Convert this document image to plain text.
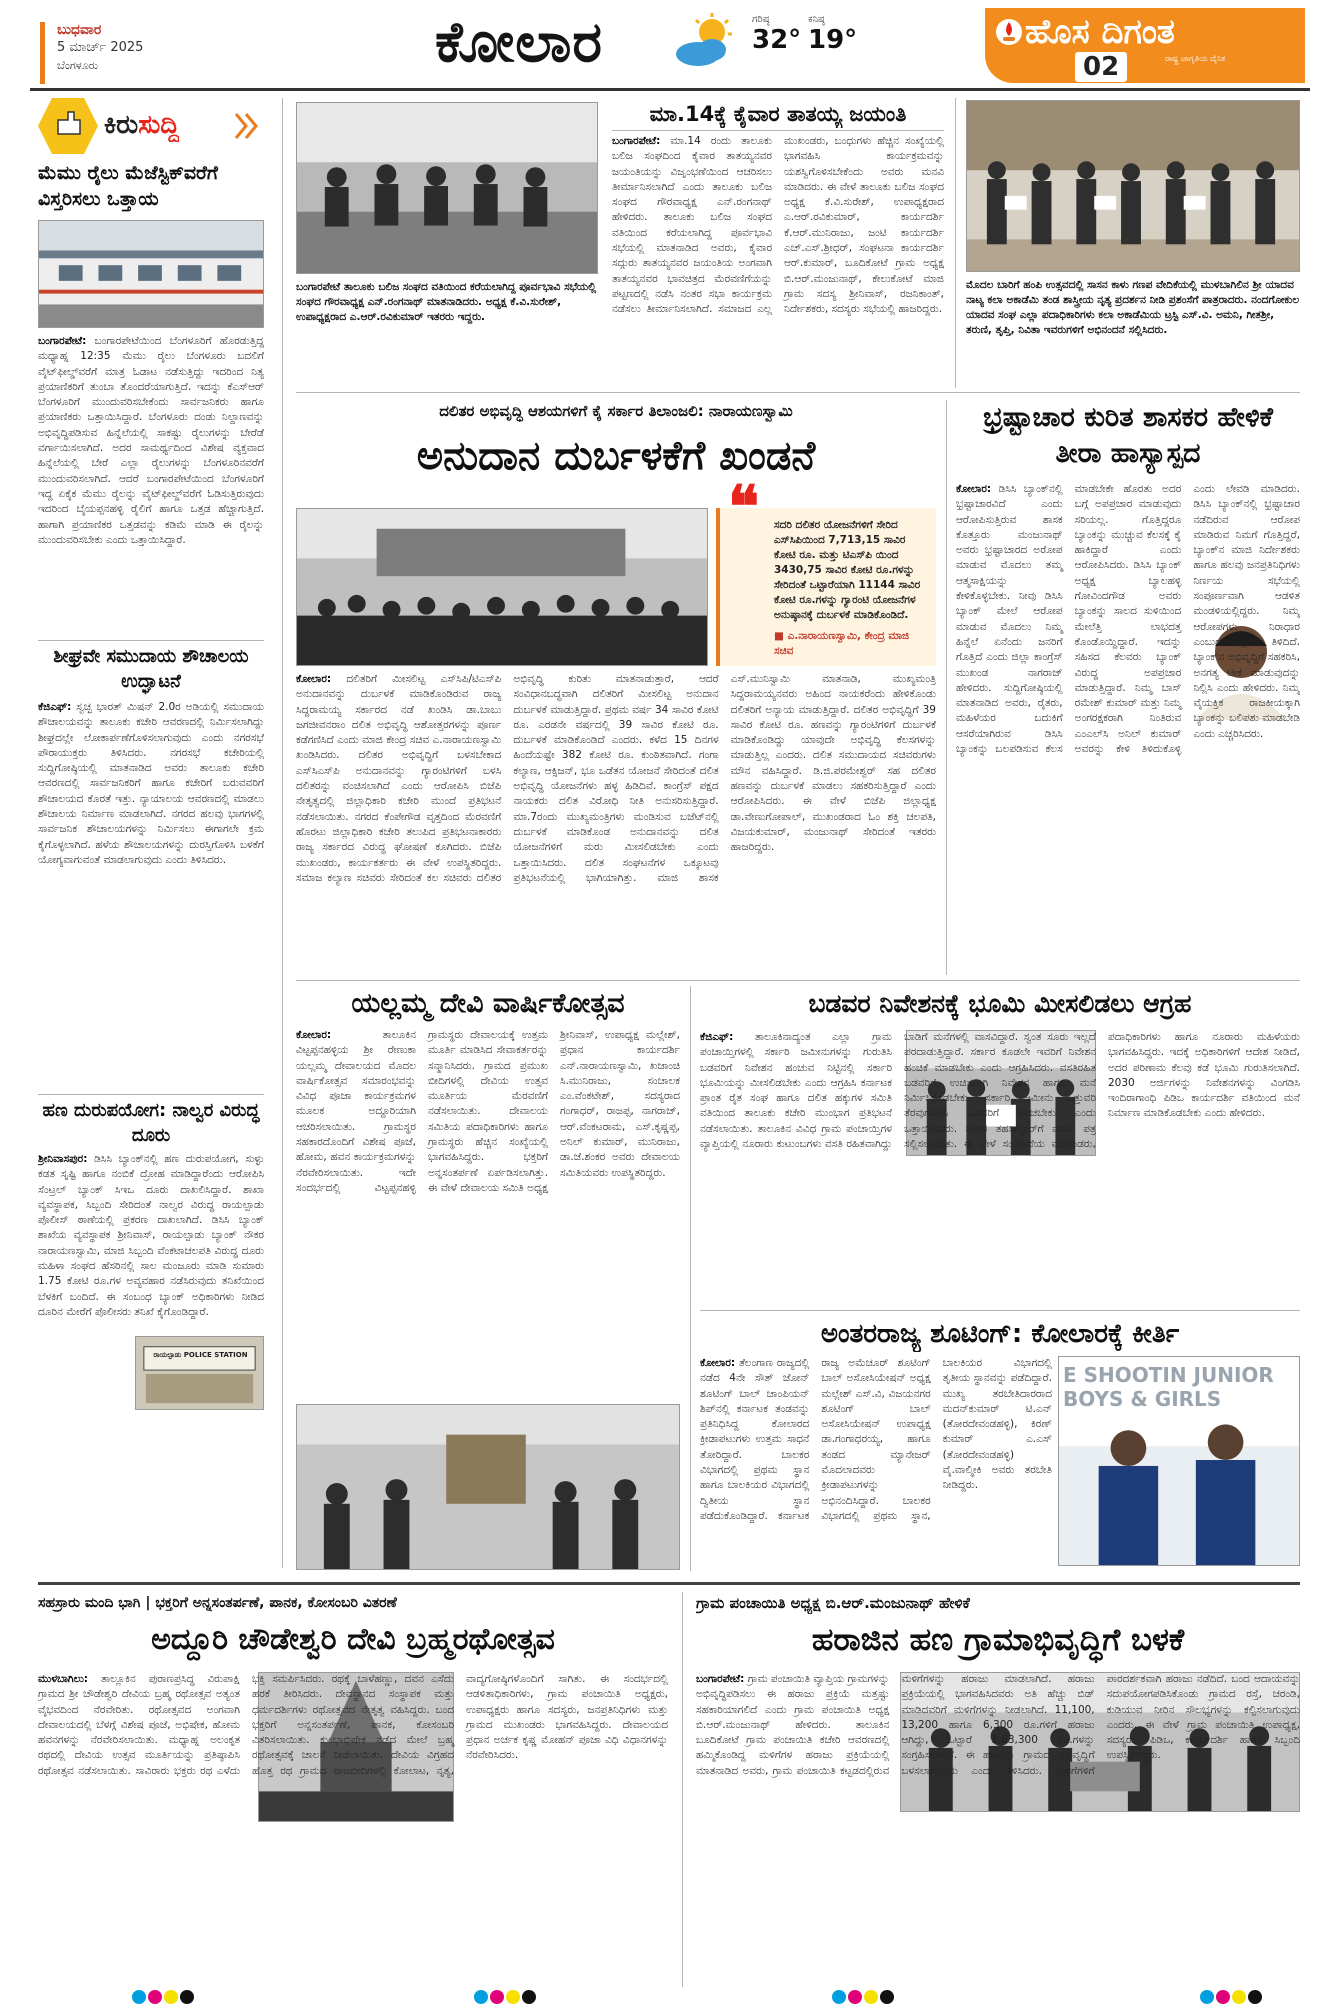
ಬುಧವಾರ
5 ಮಾರ್ಚ್ 2025
ಬೆಂಗಳೂರು	ಕೋಲಾರ	ಗರಿಷ್ಠ
32°
ಕನಿಷ್ಠ
19°	ಹೊಸ ದಿಗಂತ
02	ರಾಷ್ಟ್ರ ಜಾಗೃತಿಯ ದೈನಿಕ
ಕಿರುಸುದ್ದಿ
ಮೆಮು ರೈಲು ಮೆಜೆಸ್ಟಿಕ್‌ವರೆಗೆ ವಿಸ್ತರಿಸಲು ಒತ್ತಾಯ
ಬಂಗಾರಪೇಟೆ: ಬಂಗಾರಪೇಟೆಯಿಂದ ಬೆಂಗಳೂರಿಗೆ ಹೊರಡುತ್ತಿದ್ದ ಮಧ್ಯಾಹ್ನ 12:35 ಮೆಮು ರೈಲು ಬೆಂಗಳೂರು ಬದಲಿಗೆ ವೈಟ್‌ಫೀಲ್ಡ್‌ವರೆಗೆ ಮಾತ್ರ ಓಡಾಟ ನಡೆಸುತ್ತಿದ್ದು ಇದರಿಂದ ನಿತ್ಯ ಪ್ರಯಾಣಿಕರಿಗೆ ತುಂಬಾ ತೊಂದರೆಯಾಗುತ್ತಿದೆ. ಇದನ್ನು ಕೆಎಸ್‌ಆರ್ ಬೆಂಗಳೂರಿಗೆ ಮುಂದುವರಿಸಬೇಕೆಂದು ಸಾರ್ವಜನಿಕರು ಹಾಗೂ ಪ್ರಯಾಣಿಕರು ಒತ್ತಾಯಿಸಿದ್ದಾರೆ. ಬೆಂಗಳೂರು ದಂಡು ನಿಲ್ದಾಣವನ್ನು ಅಭಿವೃದ್ಧಿಪಡಿಸುವ ಹಿನ್ನೆಲೆಯಲ್ಲಿ ಸಾಕಷ್ಟು ರೈಲುಗಳನ್ನು ಬೇರೆಡೆ ವರ್ಗಾಯಿಸಲಾಗಿದೆ. ಅದರ ಸಾಮರ್ಥ್ಯದಿಂದ ವಿಶೇಷ ವ್ಯಕ್ತವಾದ ಹಿನ್ನೆಲೆಯಲ್ಲಿ ಬೇರೆ ಎಲ್ಲಾ ರೈಲುಗಳನ್ನು ಬೆಂಗಳೂರಿನವರೆಗೆ ಮುಂದುವರಿಸಲಾಗಿದೆ. ಆದರೆ ಬಂಗಾರಪೇಟೆಯಿಂದ ಬೆಂಗಳೂರಿಗೆ ಇದ್ದ ಏಕೈಕ ಮೆಮು ರೈಲನ್ನು ವೈಟ್‌ಫೀಲ್ಡ್‌ವರೆಗೆ ಓಡಿಸುತ್ತಿರುವುದು ಇದರಿಂದ ಬೈಯಪ್ಪನಹಳ್ಳಿ ರೈಲಿಗೆ ಹಾಗೂ ಒತ್ತಡ ಹೆಚ್ಚಾಗುತ್ತಿದೆ. ಹಾಗಾಗಿ ಪ್ರಯಾಣಿಕರ ಒತ್ತಡವನ್ನು ಕಡಿಮೆ ಮಾಡಿ ಈ ರೈಲನ್ನು ಮುಂದುವರಿಸಬೇಕು ಎಂದು ಒತ್ತಾಯಿಸಿದ್ದಾರೆ.
ಶೀಘ್ರವೇ ಸಮುದಾಯ ಶೌಚಾಲಯ ಉದ್ಘಾಟನೆ
ಕೆಜಿಎಫ್: ಸ್ವಚ್ಛ ಭಾರತ್ ಮಿಷನ್ 2.0ರ ಅಡಿಯಲ್ಲಿ ಸಮುದಾಯ ಶೌಚಾಲಯವನ್ನು ತಾಲೂಕು ಕಚೇರಿ ಆವರಣದಲ್ಲಿ ನಿರ್ಮಿಸಲಾಗಿದ್ದು ಶೀಘ್ರದಲ್ಲೇ ಲೋಕಾರ್ಪಣೆಗೊಳಿಸಲಾಗುವುದು ಎಂದು ನಗರಸಭೆ ಪೌರಾಯುಕ್ತರು ತಿಳಿಸಿದರು. ನಗರಸಭೆ ಕಚೇರಿಯಲ್ಲಿ ಸುದ್ದಿಗೋಷ್ಠಿಯಲ್ಲಿ ಮಾತನಾಡಿದ ಅವರು ತಾಲೂಕು ಕಚೇರಿ ಆವರಣದಲ್ಲಿ ಸಾರ್ವಜನಿಕರಿಗೆ ಹಾಗೂ ಕಚೇರಿಗೆ ಬರುವವರಿಗೆ ಶೌಚಾಲಯದ ಕೊರತೆ ಇತ್ತು. ನ್ಯಾಯಾಲಯ ಆವರಣದಲ್ಲಿ ಮಾಡಲು ಶೌಚಾಲಯ ನಿರ್ಮಾಣ ಮಾಡಲಾಗಿದೆ. ನಗರದ ಹಲವು ಭಾಗಗಳಲ್ಲಿ ಸಾರ್ವಜನಿಕ ಶೌಚಾಲಯಗಳನ್ನು ನಿರ್ಮಿಸಲು ಈಗಾಗಲೇ ಕ್ರಮ ಕೈಗೊಳ್ಳಲಾಗಿದೆ. ಹಳೆಯ ಶೌಚಾಲಯಗಳನ್ನು ದುರಸ್ತಿಗೊಳಿಸಿ ಬಳಕೆಗೆ ಯೋಗ್ಯವಾಗುವಂತೆ ಮಾಡಲಾಗುವುದು ಎಂದು ತಿಳಿಸಿದರು.
ಹಣ ದುರುಪಯೋಗ: ನಾಲ್ವರ ವಿರುದ್ಧ ದೂರು
ಶ್ರೀನಿವಾಸಪುರ: ಡಿಸಿಸಿ ಬ್ಯಾಂಕ್‌ನಲ್ಲಿ ಹಣ ದುರುಪಯೋಗ, ಸುಳ್ಳು ಕಡತ ಸೃಷ್ಟಿ ಹಾಗೂ ನಂಬಿಕೆ ದ್ರೋಹ ಮಾಡಿದ್ದಾರೆಂದು ಆರೋಪಿಸಿ ಸೆಂಟ್ರಲ್ ಬ್ಯಾಂಕ್ ಸಿಇಒ ದೂರು ದಾಖಲಿಸಿದ್ದಾರೆ. ಶಾಖಾ ವ್ಯವಸ್ಥಾಪಕ, ಸಿಬ್ಬಂದಿ ಸೇರಿದಂತೆ ನಾಲ್ವರ ವಿರುದ್ಧ ರಾಯಲ್ಪಾಡು ಪೊಲೀಸ್ ಠಾಣೆಯಲ್ಲಿ ಪ್ರಕರಣ ದಾಖಲಾಗಿದೆ. ಡಿಸಿಸಿ ಬ್ಯಾಂಕ್ ಶಾಖೆಯ ವ್ಯವಸ್ಥಾಪಕ ಶ್ರೀನಿವಾಸ್, ರಾಯಲ್ಪಾಡು ಬ್ಯಾಂಕ್ ನೌಕರ ನಾರಾಯಣಸ್ವಾಮಿ, ಮಾಜಿ ಸಿಬ್ಬಂದಿ ವೆಂಕಟಾಚಲಪತಿ ವಿರುದ್ಧ ದೂರು ಮಹಿಳಾ ಸಂಘದ ಹೆಸರಿನಲ್ಲಿ ಸಾಲ ಮಂಜೂರು ಮಾಡಿ ಸುಮಾರು 1.75 ಕೋಟಿ ರೂ.ಗಳ ಅವ್ಯವಹಾರ ನಡೆಸಿರುವುದು ತನಿಖೆಯಿಂದ ಬೆಳಕಿಗೆ ಬಂದಿದೆ. ಈ ಸಂಬಂಧ ಬ್ಯಾಂಕ್ ಅಧಿಕಾರಿಗಳು ನೀಡಿದ ದೂರಿನ ಮೇರೆಗೆ ಪೊಲೀಸರು ತನಿಖೆ ಕೈಗೊಂಡಿದ್ದಾರೆ.
ರಾಯಲ್ಪಾಡು POLICE STATION
ಬಂಗಾರಪೇಟೆ ತಾಲೂಕು ಬಲಿಜ ಸಂಘದ ವತಿಯಿಂದ ಕರೆಯಲಾಗಿದ್ದ ಪೂರ್ವಭಾವಿ ಸಭೆಯಲ್ಲಿ ಸಂಘದ ಗೌರವಾಧ್ಯಕ್ಷ ಎನ್.ರಂಗನಾಥ್ ಮಾತನಾಡಿದರು. ಅಧ್ಯಕ್ಷ ಕೆ.ವಿ.ಸುರೇಶ್, ಉಪಾಧ್ಯಕ್ಷರಾದ ಎ.ಆರ್.ರವಿಕುಮಾರ್ ಇತರರು ಇದ್ದರು.
ಮಾ.14ಕ್ಕೆ ಕೈವಾರ ತಾತಯ್ಯ ಜಯಂತಿ
ಬಂಗಾರಪೇಟೆ: ಮಾ.14 ರಂದು ತಾಲೂಕು ಬಲಿಜ ಸಂಘದಿಂದ ಕೈವಾರ ತಾತಯ್ಯನವರ ಜಯಂತಿಯನ್ನು ವಿಜೃಂಭಣೆಯಿಂದ ಆಚರಿಸಲು ತೀರ್ಮಾನಿಸಲಾಗಿದೆ ಎಂದು ತಾಲೂಕು ಬಲಿಜ ಸಂಘದ ಗೌರವಾಧ್ಯಕ್ಷ ಎನ್.ರಂಗನಾಥ್ ಹೇಳಿದರು. ತಾಲೂಕು ಬಲಿಜ ಸಂಘದ ವತಿಯಿಂದ ಕರೆಯಲಾಗಿದ್ದ ಪೂರ್ವಭಾವಿ ಸಭೆಯಲ್ಲಿ ಮಾತನಾಡಿದ ಅವರು, ಕೈವಾರ ಸದ್ಗುರು ತಾತಯ್ಯನವರ ಜಯಂತಿಯ ಅಂಗವಾಗಿ ತಾತಯ್ಯನವರ ಭಾವಚಿತ್ರದ ಮೆರವಣಿಗೆಯನ್ನು ಪಟ್ಟಣದಲ್ಲಿ ನಡೆಸಿ ನಂತರ ಸಭಾ ಕಾರ್ಯಕ್ರಮ ನಡೆಸಲು ತೀರ್ಮಾನಿಸಲಾಗಿದೆ. ಸಮಾಜದ ಎಲ್ಲ ಮುಖಂಡರು, ಬಂಧುಗಳು ಹೆಚ್ಚಿನ ಸಂಖ್ಯೆಯಲ್ಲಿ ಭಾಗವಹಿಸಿ ಕಾರ್ಯಕ್ರಮವನ್ನು ಯಶಸ್ವಿಗೊಳಿಸಬೇಕೆಂದು ಅವರು ಮನವಿ ಮಾಡಿದರು. ಈ ವೇಳೆ ತಾಲೂಕು ಬಲಿಜ ಸಂಘದ ಅಧ್ಯಕ್ಷ ಕೆ.ವಿ.ಸುರೇಶ್, ಉಪಾಧ್ಯಕ್ಷರಾದ ಎ.ಆರ್.ರವಿಕುಮಾರ್, ಕಾರ್ಯದರ್ಶಿ ಕೆ.ಆರ್.ಮುನಿರಾಜು, ಜಂಟಿ ಕಾರ್ಯದರ್ಶಿ ಎಚ್.ಎಸ್.ಶ್ರೀಧರ್, ಸಂಘಟನಾ ಕಾರ್ಯದರ್ಶಿ ಆರ್.ಕುಮಾರ್, ಬೂದಿಕೋಟೆ ಗ್ರಾಮ ಅಧ್ಯಕ್ಷ ಬಿ.ಆರ್.ಮಂಜುನಾಥ್, ಕೇಲುಕೋಟೆ ಮಾಜಿ ಗ್ರಾಮ ಸದಸ್ಯ ಶ್ರೀನಿವಾಸ್, ರಜನಿಕಾಂತ್, ನಿರ್ದೇಶಕರು, ಸದಸ್ಯರು ಸಭೆಯಲ್ಲಿ ಹಾಜರಿದ್ದರು.
ಮೊದಲ ಬಾರಿಗೆ ಹಂಪಿ ಉತ್ಸವದಲ್ಲಿ ಸಾಸನ ಕಾಳು ಗಣಪ ವೇದಿಕೆಯಲ್ಲಿ ಮುಳಬಾಗಿಲಿನ ಶ್ರೀ ಯಾದವ ನಾಟ್ಯ ಕಲಾ ಅಕಾಡೆಮಿ ತಂಡ ಶಾಸ್ತ್ರೀಯ ನೃತ್ಯ ಪ್ರದರ್ಶನ ನೀಡಿ ಪ್ರಶಂಸೆಗೆ ಪಾತ್ರರಾದರು. ನಂದಗೋಕುಲ ಯಾದವ ಸಂಘ ಎಲ್ಲಾ ಪದಾಧಿಕಾರಿಗಳು ಕಲಾ ಅಕಾಡೆಮಿಯ ಟ್ರಸ್ಟಿ ಎಸ್.ವಿ. ಅಮನಿ, ಗೀತಶ್ರೀ, ತರುಣಿ, ತೃಪ್ತಿ, ನಿವಿತಾ ಇವರುಗಳಿಗೆ ಅಭಿನಂದನೆ ಸಲ್ಲಿಸಿದರು.
ದಲಿತರ ಅಭಿವೃದ್ಧಿ ಆಶಯಗಳಿಗೆ ಕೈ ಸರ್ಕಾರ ತಿಲಾಂಜಲಿ: ನಾರಾಯಣಸ್ವಾಮಿ
ಅನುದಾನ ದುರ್ಬಳಕೆಗೆ ಖಂಡನೆ
❝ ಸದರಿ ದಲಿತರ ಯೋಜನೆಗಳಿಗೆ ಸೇರಿದ ಎಸ್‌ಸಿಪಿಯಿಂದ 7,713,15 ಸಾವಿರ ಕೋಟಿ ರೂ. ಮತ್ತು ಟಿಎಸ್‌ಪಿ ಯಿಂದ 3430,75 ಸಾವಿರ ಕೋಟಿ ರೂ.ಗಳನ್ನು ಸೇರಿದಂತೆ ಒಟ್ಟಾರೆಯಾಗಿ 11144 ಸಾವಿರ ಕೋಟಿ ರೂ.ಗಳನ್ನು ಗ್ಯಾರಂಟಿ ಯೋಜನೆಗಳ ಅನುಷ್ಠಾನಕ್ಕೆ ದುರ್ಬಳಕೆ ಮಾಡಿಕೊಂಡಿದೆ.
■ ಎ.ನಾರಾಯಣಸ್ವಾಮಿ, ಕೇಂದ್ರ ಮಾಜಿ ಸಚಿವ
ಕೋಲಾರ: ದಲಿತರಿಗೆ ಮೀಸಲಿಟ್ಟ ಎಸ್‌ಸಿಪಿ/ಟಿಎಸ್‌ಪಿ ಅನುದಾನವನ್ನು ದುರ್ಬಳಕೆ ಮಾಡಿಕೊಂಡಿರುವ ರಾಜ್ಯ ಸಿದ್ದರಾಮಯ್ಯ ಸರ್ಕಾರದ ನಡೆ ಖಂಡಿಸಿ ಡಾ.ಬಾಬು ಜಗಜೀವನರಾಂ ದಲಿತ ಅಭಿವೃದ್ಧಿ ಆಶೋತ್ತರಗಳನ್ನು ಪೂರ್ಣ ಕಡೆಗಣಿಸಿದೆ ಎಂದು ಮಾಜಿ ಕೇಂದ್ರ ಸಚಿವ ಎ.ನಾರಾಯಣಸ್ವಾಮಿ ಖಂಡಿಸಿದರು. ದಲಿತರ ಅಭಿವೃದ್ಧಿಗೆ ಬಳಸಬೇಕಾದ ಎಸ್‌ಸಿಎಸ್‌ಪಿ ಅನುದಾನವನ್ನು ಗ್ಯಾರಂಟಿಗಳಿಗೆ ಬಳಸಿ ದಲಿತರನ್ನು ವಂಚಿಸಲಾಗಿದೆ ಎಂದು ಆರೋಪಿಸಿ ಬಿಜೆಪಿ ನೇತೃತ್ವದಲ್ಲಿ ಜಿಲ್ಲಾಧಿಕಾರಿ ಕಚೇರಿ ಮುಂದೆ ಪ್ರತಿಭಟನೆ ನಡೆಸಲಾಯಿತು. ನಗರದ ಕೆಂಪೇಗೌಡ ವೃತ್ತದಿಂದ ಮೆರವಣಿಗೆ ಹೊರಟು ಜಿಲ್ಲಾಧಿಕಾರಿ ಕಚೇರಿ ತಲುಪಿದ ಪ್ರತಿಭಟನಾಕಾರರು ರಾಜ್ಯ ಸರ್ಕಾರದ ವಿರುದ್ಧ ಘೋಷಣೆ ಕೂಗಿದರು. ಬಿಜೆಪಿ ಮುಖಂಡರು, ಕಾರ್ಯಕರ್ತರು ಈ ವೇಳೆ ಉಪಸ್ಥಿತರಿದ್ದರು. ಸಮಾಜ ಕಲ್ಯಾಣ ಸಚಿವರು ಸೇರಿದಂತೆ ಕಲ ಸಚಿವರು ದಲಿತರ ಅಭಿವೃದ್ಧಿ ಕುರಿತು ಮಾತನಾಡುತ್ತಾರೆ, ಆದರೆ ಸಂವಿಧಾನಬದ್ಧವಾಗಿ ದಲಿತರಿಗೆ ಮೀಸಲಿಟ್ಟ ಅನುದಾನ ದುರ್ಬಳಕೆ ಮಾಡುತ್ತಿದ್ದಾರೆ. ಪ್ರಥಮ ವರ್ಷ 34 ಸಾವಿರ ಕೋಟಿ ರೂ. ಎರಡನೇ ವರ್ಷದಲ್ಲಿ 39 ಸಾವಿರ ಕೋಟಿ ರೂ. ದುರ್ಬಳಕೆ ಮಾಡಿಕೊಂಡಿದೆ ಎಂದರು. ಕಳೆದ 15 ದಿನಗಳ ಹಿಂದೆಯಷ್ಟೇ 382 ಕೋಟಿ ರೂ. ಕುಂಠಿತವಾಗಿದೆ. ಗಂಗಾ ಕಲ್ಯಾಣ, ಆಕ್ಸಿಜನ್, ಭೂ ಒಡೆತನ ಯೋಜನೆ ಸೇರಿದಂತೆ ದಲಿತ ಅಭಿವೃದ್ಧಿ ಯೋಜನೆಗಳು ಹಳ್ಳ ಹಿಡಿದಿವೆ. ಕಾಂಗ್ರೆಸ್ ಪಕ್ಷದ ನಾಯಕರು ದಲಿತ ವಿರೋಧಿ ನೀತಿ ಅನುಸರಿಸುತ್ತಿದ್ದಾರೆ. ಮಾ.7ರಂದು ಮುಖ್ಯಮಂತ್ರಿಗಳು ಮಂಡಿಸುವ ಬಜೆಟ್‌ನಲ್ಲಿ ದುರ್ಬಳಕೆ ಮಾಡಿಕೊಂಡ ಅನುದಾನವನ್ನು ದಲಿತ ಯೋಜನೆಗಳಿಗೆ ಮರು ಮೀಸಲಿಡಬೇಕು ಎಂದು ಒತ್ತಾಯಿಸಿದರು. ದಲಿತ ಸಂಘಟನೆಗಳ ಒಕ್ಕೂಟವು ಪ್ರತಿಭಟನೆಯಲ್ಲಿ ಭಾಗಿಯಾಗಿತ್ತು. ಮಾಜಿ ಶಾಸಕ ಎಸ್.ಮುನಿಸ್ವಾಮಿ ಮಾತನಾಡಿ, ಮುಖ್ಯಮಂತ್ರಿ ಸಿದ್ದರಾಮಯ್ಯನವರು ಅಹಿಂದ ನಾಯಕರೆಂದು ಹೇಳಿಕೊಂಡು ದಲಿತರಿಗೆ ಅನ್ಯಾಯ ಮಾಡುತ್ತಿದ್ದಾರೆ. ದಲಿತರ ಅಭಿವೃದ್ಧಿಗೆ 39 ಸಾವಿರ ಕೋಟಿ ರೂ. ಹಣವನ್ನು ಗ್ಯಾರಂಟಿಗಳಿಗೆ ದುರ್ಬಳಕೆ ಮಾಡಿಕೊಂಡಿದ್ದು ಯಾವುದೇ ಅಭಿವೃದ್ಧಿ ಕೆಲಸಗಳನ್ನು ಮಾಡುತ್ತಿಲ್ಲ ಎಂದರು. ದಲಿತ ಸಮುದಾಯದ ಸಚಿವರುಗಳು ಮೌನ ವಹಿಸಿದ್ದಾರೆ. ಡಿ.ಜಿ.ಪರಮೇಶ್ವರ್ ಸಹ ದಲಿತರ ಹಣವನ್ನು ದುರ್ಬಳಕೆ ಮಾಡಲು ಸಹಕರಿಸುತ್ತಿದ್ದಾರೆ ಎಂದು ಆರೋಪಿಸಿದರು. ಈ ವೇಳೆ ಬಿಜೆಪಿ ಜಿಲ್ಲಾಧ್ಯಕ್ಷ ಡಾ.ವೇಣುಗೋಪಾಲ್, ಮುಖಂಡರಾದ ಓಂ ಶಕ್ತಿ ಚಲಪತಿ, ವಿಜಯಕುಮಾರ್, ಮಂಜುನಾಥ್ ಸೇರಿದಂತೆ ಇತರರು ಹಾಜರಿದ್ದರು.
ಭ್ರಷ್ಟಾಚಾರ ಕುರಿತ ಶಾಸಕರ ಹೇಳಿಕೆ ತೀರಾ ಹಾಸ್ಯಾಸ್ಪದ
ಕೋಲಾರ: ಡಿಸಿಸಿ ಬ್ಯಾಂಕ್‌ನಲ್ಲಿ ಭ್ರಷ್ಟಾಚಾರವಿದೆ ಎಂದು ಆರೋಪಿಸುತ್ತಿರುವ ಶಾಸಕ ಕೊತ್ತೂರು ಮಂಜುನಾಥ್ ಅವರು ಭ್ರಷ್ಟಾಚಾರದ ಅರೋಪ ಮಾಡುವ ಮೊದಲು ತಮ್ಮ ಆತ್ಮಸಾಕ್ಷಿಯನ್ನು ಕೇಳಿಕೊಳ್ಳಬೇಕು. ನೀವು ಡಿಸಿಸಿ ಬ್ಯಾಂಕ್ ಮೇಲೆ ಆರೋಪ ಮಾಡುವ ಮೊದಲು ನಿಮ್ಮ ಹಿನ್ನೆಲೆ ಏನೆಂದು ಜನರಿಗೆ ಗೊತ್ತಿದೆ ಎಂದು ಜಿಲ್ಲಾ ಕಾಂಗ್ರೆಸ್ ಮುಖಂಡ ನಾಗರಾಜ್ ಹೇಳಿದರು. ಸುದ್ದಿಗೋಷ್ಠಿಯಲ್ಲಿ ಮಾತನಾಡಿದ ಅವರು, ರೈತರು, ಮಹಿಳೆಯರ ಬದುಕಿಗೆ ಆಸರೆಯಾಗಿರುವ ಡಿಸಿಸಿ ಬ್ಯಾಂಕನ್ನು ಬಲಪಡಿಸುವ ಕೆಲಸ ಮಾಡಬೇಕೇ ಹೊರತು ಅದರ ಬಗ್ಗೆ ಅಪಪ್ರಚಾರ ಮಾಡುವುದು ಸರಿಯಲ್ಲ. ಗೊತ್ತಿದ್ದರೂ ಬ್ಯಾಂಕನ್ನು ಮುಚ್ಚುವ ಕೆಲಸಕ್ಕೆ ಕೈ ಹಾಕಿದ್ದಾರೆ ಎಂದು ಆರೋಪಿಸಿದರು. ಡಿಸಿಸಿ ಬ್ಯಾಂಕ್ ಅಧ್ಯಕ್ಷ ಬ್ಯಾಲಹಳ್ಳಿ ಗೋವಿಂದಗೌಡ ಅವರು ಬ್ಯಾಂಕನ್ನು ಸಾಲದ ಸುಳಿಯಿಂದ ಮೇಲೆತ್ತಿ ಲಾಭದತ್ತ ಕೊಂಡೊಯ್ದಿದ್ದಾರೆ. ಇದನ್ನು ಸಹಿಸದ ಕೆಲವರು ಬ್ಯಾಂಕ್ ವಿರುದ್ಧ ಅಪಪ್ರಚಾರ ಮಾಡುತ್ತಿದ್ದಾರೆ. ನಿಮ್ಮ ಬಾಸ್ ರಮೇಶ್ ಕುಮಾರ್ ಮತ್ತು ನಿಮ್ಮ ಅಂಗರಕ್ಷಕರಾಗಿ ನಿಂತಿರುವ ಎಂಎಲ್‌ಸಿ ಅನಿಲ್ ಕುಮಾರ್ ಅವರನ್ನು ಕೇಳಿ ತಿಳಿದುಕೊಳ್ಳಿ ಎಂದು ಲೇವಡಿ ಮಾಡಿದರು. ಡಿಸಿಸಿ ಬ್ಯಾಂಕ್‌ನಲ್ಲಿ ಭ್ರಷ್ಟಾಚಾರ ನಡೆದಿರುವ ಆರೋಪ ಮಾಡಿರುವ ನಿಮಗೆ ಗೊತ್ತಿದ್ದರೆ, ಬ್ಯಾಂಕ್‌ನ ಮಾಜಿ ನಿರ್ದೇಶಕರು ಹಾಗೂ ಹಲವು ಜನಪ್ರತಿನಿಧಿಗಳು ನಿರ್ಣಯ ಸಭೆಯಲ್ಲಿ ಸಂಪೂರ್ಣವಾಗಿ ಆಡಳಿತ ಮಂಡಳಿಯಲ್ಲಿದ್ದರು. ನಿಮ್ಮ ಆರೋಪಗಳು ನಿರಾಧಾರ ಎಂಬುದು ಎಲ್ಲರಿಗೂ ತಿಳಿದಿದೆ. ಬ್ಯಾಂಕ್‌ನ ಅಭಿವೃದ್ಧಿಗೆ ಸಹಕರಿಸಿ, ಅನಗತ್ಯ ಟೀಕೆ ಮಾಡುವುದನ್ನು ನಿಲ್ಲಿಸಿ ಎಂದು ಹೇಳಿದರು. ನಿಮ್ಮ ವೈಯಕ್ತಿಕ ರಾಜಕೀಯಕ್ಕಾಗಿ ಬ್ಯಾಂಕನ್ನು ಬಲಿಪಶು ಮಾಡಬೇಡಿ ಎಂದು ಎಚ್ಚರಿಸಿದರು.
ಯಲ್ಲಮ್ಮ ದೇವಿ ವಾರ್ಷಿಕೋತ್ಸವ
ಕೋಲಾರ:	ತಾಲೂಕಿನ ವಿಟ್ಟಪ್ಪನಹಳ್ಳಿಯ ಶ್ರೀ ರೇಣುಕಾ ಯಲ್ಲಮ್ಮ ದೇವಾಲಯದ ಮೊದಲ ವಾರ್ಷಿಕೋತ್ಸವ ಸಮಾರಂಭವನ್ನು ವಿವಿಧ ಪೂಜಾ ಕಾರ್ಯಕ್ರಮಗಳ ಮೂಲಕ ಅದ್ದೂರಿಯಾಗಿ ಆಚರಿಸಲಾಯಿತು. ಗ್ರಾಮಸ್ಥರ ಸಹಕಾರದೊಂದಿಗೆ ವಿಶೇಷ ಪೂಜೆ, ಹೋಮ, ಹವನ ಕಾರ್ಯಕ್ರಮಗಳನ್ನು ನೆರವೇರಿಸಲಾಯಿತು. ಇದೇ ಸಂದರ್ಭದಲ್ಲಿ ವಿಟ್ಟಪ್ಪನಹಳ್ಳಿ ಗ್ರಾಮಸ್ಥರು ದೇವಾಲಯಕ್ಕೆ ಉತ್ತಮ ಮೂರ್ತಿ ಮಾಡಿಸಿದ ಸೇವಾಕರ್ತರನ್ನು ಸನ್ಮಾನಿಸಿದರು. ಗ್ರಾಮದ ಪ್ರಮುಖ ಬೀದಿಗಳಲ್ಲಿ ದೇವಿಯ ಉತ್ಸವ ಮೂರ್ತಿಯ ಮೆರವಣಿಗೆ ನಡೆಸಲಾಯಿತು. ದೇವಾಲಯ ಸಮಿತಿಯ ಪದಾಧಿಕಾರಿಗಳು ಹಾಗೂ ಗ್ರಾಮಸ್ಥರು ಹೆಚ್ಚಿನ ಸಂಖ್ಯೆಯಲ್ಲಿ ಭಾಗವಹಿಸಿದ್ದರು. ಭಕ್ತರಿಗೆ ಅನ್ನಸಂತರ್ಪಣೆ ಏರ್ಪಡಿಸಲಾಗಿತ್ತು. ಈ ವೇಳೆ ದೇವಾಲಯ ಸಮಿತಿ ಅಧ್ಯಕ್ಷ ಶ್ರೀನಿವಾಸ್, ಉಪಾಧ್ಯಕ್ಷ ಮಲ್ಲೇಶ್, ಪ್ರಧಾನ ಕಾರ್ಯದರ್ಶಿ ಎನ್.ನಾರಾಯಣಸ್ವಾಮಿ, ಖಜಾಂಚಿ ಸಿ.ಮುನಿರಾಜು, ಸಂಚಾಲಕ ಎಂ.ವೆಂಕಟೇಶ್, ಸದಸ್ಯರಾದ ಗಂಗಾಧರ್, ರಾಜಪ್ಪ, ನಾಗರಾಜ್, ಆರ್.ವೆಂಕಟರಾಮ, ಎಸ್.ಕೃಷ್ಣಪ್ಪ, ಅನಿಲ್ ಕುಮಾರ್, ಮುನಿರಾಜು, ಡಾ.ಜೆ.ಶಂಕರ ಅವರು ದೇವಾಲಯ ಸಮಿತಿಯವರು ಉಪಸ್ಥಿತರಿದ್ದರು.
ಬಡವರ ನಿವೇಶನಕ್ಕೆ ಭೂಮಿ ಮೀಸಲಿಡಲು ಆಗ್ರಹ
ಕೆಜಿಎಫ್: ತಾಲೂಕಿನಾದ್ಯಂತ ಎಲ್ಲಾ ಗ್ರಾಮ ಪಂಚಾಯ್ತಿಗಳಲ್ಲಿ ಸರ್ಕಾರಿ ಜಮೀನುಗಳನ್ನು ಗುರುತಿಸಿ ಬಡವರಿಗೆ ನಿವೇಶನ ಹಂಚುವ ನಿಟ್ಟಿನಲ್ಲಿ ಸರ್ಕಾರಿ ಭೂಮಿಯನ್ನು ಮೀಸಲಿಡಬೇಕು ಎಂದು ಆಗ್ರಹಿಸಿ ಕರ್ನಾಟಕ ಪ್ರಾಂತ ರೈತ ಸಂಘ ಹಾಗೂ ದಲಿತ ಹಕ್ಕುಗಳ ಸಮಿತಿ ವತಿಯಿಂದ ತಾಲೂಕು ಕಚೇರಿ ಮುಂಭಾಗ ಪ್ರತಿಭಟನೆ ನಡೆಸಲಾಯಿತು. ತಾಲೂಕಿನ ವಿವಿಧ ಗ್ರಾಮ ಪಂಚಾಯ್ತಿಗಳ ವ್ಯಾಪ್ತಿಯಲ್ಲಿ ನೂರಾರು ಕುಟುಂಬಗಳು ವಸತಿ ರಹಿತವಾಗಿದ್ದು ಬಾಡಿಗೆ ಮನೆಗಳಲ್ಲಿ ವಾಸವಿದ್ದಾರೆ. ಸ್ವಂತ ಸೂರು ಇಲ್ಲದೆ ಪರದಾಡುತ್ತಿದ್ದಾರೆ. ಸರ್ಕಾರ ಕೂಡಲೇ ಇವರಿಗೆ ನಿವೇಶನ ಹಂಚಿಕೆ ಮಾಡಬೇಕು ಎಂದು ಆಗ್ರಹಿಸಿದರು. ವಸತಿರಹಿತ ಬಡವರಿಗೆ ಉಚಿತವಾಗಿ ನಿವೇಶನ ಹಾಗೂ ಮನೆ ನಿರ್ಮಿಸಿಕೊಡಬೇಕು, ಸರ್ಕಾರಿ ಜಮೀನು ಒತ್ತುವರಿ ತೆರವುಗೊಳಿಸಿ ಬಡವರಿಗೆ ಹಂಚಬೇಕು ಎಂದು ಒತ್ತಾಯಿಸಿದರು. ನಂತರ ತಹಸೀಲ್ದಾರ್‌ಗೆ ಮನವಿ ಪತ್ರ ಸಲ್ಲಿಸಲಾಯಿತು. ಈ ವೇಳೆ ಸಂಘಟನೆಯ ಮುಖಂಡರು, ಪದಾಧಿಕಾರಿಗಳು ಹಾಗೂ ನೂರಾರು ಮಹಿಳೆಯರು ಭಾಗವಹಿಸಿದ್ದರು. ಇದಕ್ಕೆ ಅಧಿಕಾರಿಗಳಿಗೆ ಆದೇಶ ನೀಡಿದೆ, ಅದರ ಪರಿಣಾಮ ಕೆಲವು ಕಡೆ ಭೂಮಿ ಗುರುತಿಸಲಾಗಿದೆ. 2030 ಅರ್ಜಿಗಳನ್ನು ನಿವೇಶನಗಳನ್ನು ವಿಂಗಡಿಸಿ ಇಂದಿರಾಗಾಂಧಿ ಪಿಡಿಒ ಕಾರ್ಯದರ್ಶಿ ವತಿಯಿಂದ ಮನೆ ನಿರ್ಮಾಣ ಮಾಡಿಕೊಡಬೇಕು ಎಂದು ಹೇಳಿದರು.
ಅಂತರರಾಜ್ಯ ಶೂಟಿಂಗ್: ಕೋಲಾರಕ್ಕೆ ಕೀರ್ತಿ
ಕೋಲಾರ: ತೆಲಂಗಾಣ ರಾಜ್ಯದಲ್ಲಿ ನಡೆದ 4ನೇ ಸೌತ್ ಜೋನ್ ಶೂಟಿಂಗ್ ಬಾಲ್ ಚಾಂಪಿಯನ್ ಶಿಪ್‌ನಲ್ಲಿ ಕರ್ನಾಟಕ ತಂಡವನ್ನು ಪ್ರತಿನಿಧಿಸಿದ್ದ ಕೋಲಾರದ ಕ್ರೀಡಾಪಟುಗಳು ಉತ್ತಮ ಸಾಧನೆ ತೋರಿದ್ದಾರೆ. ಬಾಲಕರ ವಿಭಾಗದಲ್ಲಿ ಪ್ರಥಮ ಸ್ಥಾನ ಹಾಗೂ ಬಾಲಕಿಯರ ವಿಭಾಗದಲ್ಲಿ ದ್ವಿತೀಯ ಸ್ಥಾನ ಪಡೆದುಕೊಂಡಿದ್ದಾರೆ. ಕರ್ನಾಟಕ ರಾಜ್ಯ ಅಮೆಚೂರ್ ಶೂಟಿಂಗ್ ಬಾಲ್ ಅಸೋಸಿಯೇಷನ್ ಅಧ್ಯಕ್ಷ ಮಲ್ಲೇಶ್ ಎಸ್.ವಿ, ವಿಜಯನಗರ ಶೂಟಿಂಗ್ ಬಾಲ್ ಅಸೋಸಿಯೇಷನ್ ಉಪಾಧ್ಯಕ್ಷ ಡಾ.ಗಂಗಾಧರಯ್ಯ, ಹಾಗೂ ತಂಡದ ಮ್ಯಾನೇಜರ್ ಮೊದಲಾದವರು ಕ್ರೀಡಾಪಟುಗಳನ್ನು ಅಭಿನಂದಿಸಿದ್ದಾರೆ. ಬಾಲಕರ ವಿಭಾಗದಲ್ಲಿ ಪ್ರಥಮ ಸ್ಥಾನ, ಬಾಲಕಿಯರ ವಿಭಾಗದಲ್ಲಿ ತೃತೀಯ ಸ್ಥಾನವನ್ನು ಪಡೆದಿದ್ದಾರೆ. ಮುಖ್ಯ ತರಬೇತಿದಾರರಾದ ಮದನ್‌ಕುಮಾರ್ ಟಿ.ಎನ್ (ತೋರದೇವಂಡಹಳ್ಳಿ), ಕಿರಣ್ ಕುಮಾರ್ ಎ.ಎಸ್ (ತೋರದೇವಂಡಹಳ್ಳಿ) ವೈ.ವಾಲ್ಮೀಕಿ ಅವರು ತರಬೇತಿ ನೀಡಿದ್ದರು.
E SHOOTIN JUNIOR BOYS & GIRLS
ಸಹಸ್ರಾರು ಮಂದಿ ಭಾಗಿ | ಭಕ್ತರಿಗೆ ಅನ್ನಸಂತರ್ಪಣೆ, ಪಾನಕ, ಕೋಸಂಬರಿ ವಿತರಣೆ
ಅದ್ದೂರಿ ಚೌಡೇಶ್ವರಿ ದೇವಿ ಬ್ರಹ್ಮರಥೋತ್ಸವ
ಮುಳಬಾಗಿಲು: ತಾಲ್ಲೂಕಿನ ಪುರಾಣಪ್ರಸಿದ್ಧ ವಿರುಪಾಕ್ಷಿ ಗ್ರಾಮದ ಶ್ರೀ ಚೌಡೇಶ್ವರಿ ದೇವಿಯ ಬ್ರಹ್ಮ ರಥೋತ್ಸವ ಅತ್ಯಂತ ವೈಭವದಿಂದ ನೆರವೇರಿತು. ರಥೋತ್ಸವದ ಅಂಗವಾಗಿ ದೇವಾಲಯದಲ್ಲಿ ಬೆಳಗ್ಗೆ ವಿಶೇಷ ಪೂಜೆ, ಅಭಿಷೇಕ, ಹೋಮ ಹವನಗಳನ್ನು ನೆರವೇರಿಸಲಾಯಿತು. ಮಧ್ಯಾಹ್ನ ಅಲಂಕೃತ ರಥದಲ್ಲಿ ದೇವಿಯ ಉತ್ಸವ ಮೂರ್ತಿಯನ್ನು ಪ್ರತಿಷ್ಠಾಪಿಸಿ ರಥೋತ್ಸವ ನಡೆಸಲಾಯಿತು. ಸಾವಿರಾರು ಭಕ್ತರು ರಥ ಎಳೆದು ಭಕ್ತಿ ಸಮರ್ಪಿಸಿದರು. ರಥಕ್ಕೆ ಬಾಳೆಹಣ್ಣು, ದವನ ಎಸೆದು ಹರಕೆ ತೀರಿಸಿದರು. ದೇವಸ್ಥಾನದ ಸಂಸ್ಥಾಪಕ ಮತ್ತು ಧರ್ಮದರ್ಶಿಗಳು ರಥೋತ್ಸವದ ನೇತೃತ್ವ ವಹಿಸಿದ್ದರು. ಬಂದ ಭಕ್ತರಿಗೆ ಅನ್ನಸಂತರ್ಪಣೆ, ಪಾನಕ, ಕೋಸಂಬರಿ ವಿತರಿಸಲಾಯಿತು. ಕುಂಭಾಭಿಷೇಕ ನಡೆದ ಮೇಲೆ ಬ್ರಹ್ಮ ರಥೋತ್ಸವಕ್ಕೆ ಚಾಲನೆ ನೀಡಲಾಯಿತು. ದೇವಿಯ ವಿಗ್ರಹದ ಹೊತ್ತ ರಥ ಗ್ರಾಮದ ರಾಜಬೀದಿಗಳಲ್ಲಿ ಕೋಲಾಟ, ನೃತ್ಯ, ವಾದ್ಯಗೋಷ್ಠಿಗಳೊಂದಿಗೆ ಸಾಗಿತು. ಈ ಸಂದರ್ಭದಲ್ಲಿ ಆಡಳಿತಾಧಿಕಾರಿಗಳು, ಗ್ರಾಮ ಪಂಚಾಯಿತಿ ಅಧ್ಯಕ್ಷರು, ಉಪಾಧ್ಯಕ್ಷರು ಹಾಗೂ ಸದಸ್ಯರು, ಜನಪ್ರತಿನಿಧಿಗಳು ಮತ್ತು ಗ್ರಾಮದ ಮುಖಂಡರು ಭಾಗವಹಿಸಿದ್ದರು. ದೇವಾಲಯದ ಪ್ರಧಾನ ಅರ್ಚಕ ಕೃಷ್ಣ ಮೋಹನ್ ಪೂಜಾ ವಿಧಿ ವಿಧಾನಗಳನ್ನು ನೆರವೇರಿಸಿದರು.
ಗ್ರಾಮ ಪಂಚಾಯಿತಿ ಅಧ್ಯಕ್ಷ ಬಿ.ಆರ್.ಮಂಜುನಾಥ್ ಹೇಳಿಕೆ
ಹರಾಜಿನ ಹಣ ಗ್ರಾಮಾಭಿವೃದ್ಧಿಗೆ ಬಳಕೆ
ಬಂಗಾರಪೇಟೆ: ಗ್ರಾಮ ಪಂಚಾಯಿತಿ ವ್ಯಾಪ್ತಿಯ ಗ್ರಾಮಗಳನ್ನು ಅಭಿವೃದ್ಧಿಪಡಿಸಲು ಈ ಹರಾಜು ಪ್ರಕ್ರಿಯೆ ಮತ್ತಷ್ಟು ಸಹಕಾರಿಯಾಗಲಿದೆ ಎಂದು ಗ್ರಾಮ ಪಂಚಾಯಿತಿ ಅಧ್ಯಕ್ಷ ಬಿ.ಆರ್.ಮಂಜುನಾಥ್ ಹೇಳಿದರು. ತಾಲೂಕಿನ ಬೂದಿಕೋಟೆ ಗ್ರಾಮ ಪಂಚಾಯಿತಿ ಕಚೇರಿ ಆವರಣದಲ್ಲಿ ಹಮ್ಮಿಕೊಂಡಿದ್ದ ಮಳಿಗೆಗಳ ಹರಾಜು ಪ್ರಕ್ರಿಯೆಯಲ್ಲಿ ಮಾತನಾಡಿದ ಅವರು, ಗ್ರಾಮ ಪಂಚಾಯಿತಿ ಕಟ್ಟಡದಲ್ಲಿರುವ ಮಳಿಗೆಗಳನ್ನು ಹರಾಜು ಮಾಡಲಾಗಿದೆ. ಹರಾಜು ಪ್ರಕ್ರಿಯೆಯಲ್ಲಿ ಭಾಗವಹಿಸಿದವರು ಅತಿ ಹೆಚ್ಚು ಬಿಡ್ ಮಾಡಿದವರಿಗೆ ಮಳಿಗೆಗಳನ್ನು ನೀಡಲಾಗಿದೆ. 11,100, 13,200 ಹಾಗೂ 6,300 ರೂ.ಗಳಿಗೆ ಹರಾಜು ಆಗಿದ್ದು, ಒಟ್ಟಾರೆ 1,63,300 ರೂ.ಗಳನ್ನು ಸಂಗ್ರಹಿಸಲಾಗಿದೆ. ಈ ಹಣವನ್ನು ಗ್ರಾಮದ ಅಭಿವೃದ್ಧಿಗೆ ಬಳಸಲಾಗುವುದು ಎಂದು ತಿಳಿಸಿದರು. ಮಳಿಗೆಗಳಿಗೆ ಪಾರದರ್ಶಕವಾಗಿ ಹರಾಜು ನಡೆದಿದೆ. ಬಂದ ಆದಾಯವನ್ನು ಸದುಪಯೋಗಪಡಿಸಿಕೊಂಡು ಗ್ರಾಮದ ರಸ್ತೆ, ಚರಂಡಿ, ಕುಡಿಯುವ ನೀರಿನ ಸೌಲಭ್ಯಗಳನ್ನು ಕಲ್ಪಿಸಲಾಗುವುದು ಎಂದರು. ಈ ವೇಳೆ ಗ್ರಾಮ ಪಂಚಾಯಿತಿ ಉಪಾಧ್ಯಕ್ಷ, ಸದಸ್ಯರು, ಪಿಡಿಒ, ಕಾರ್ಯದರ್ಶಿ ಹಾಗೂ ಸಿಬ್ಬಂದಿ ಉಪಸ್ಥಿತರಿದ್ದರು.
